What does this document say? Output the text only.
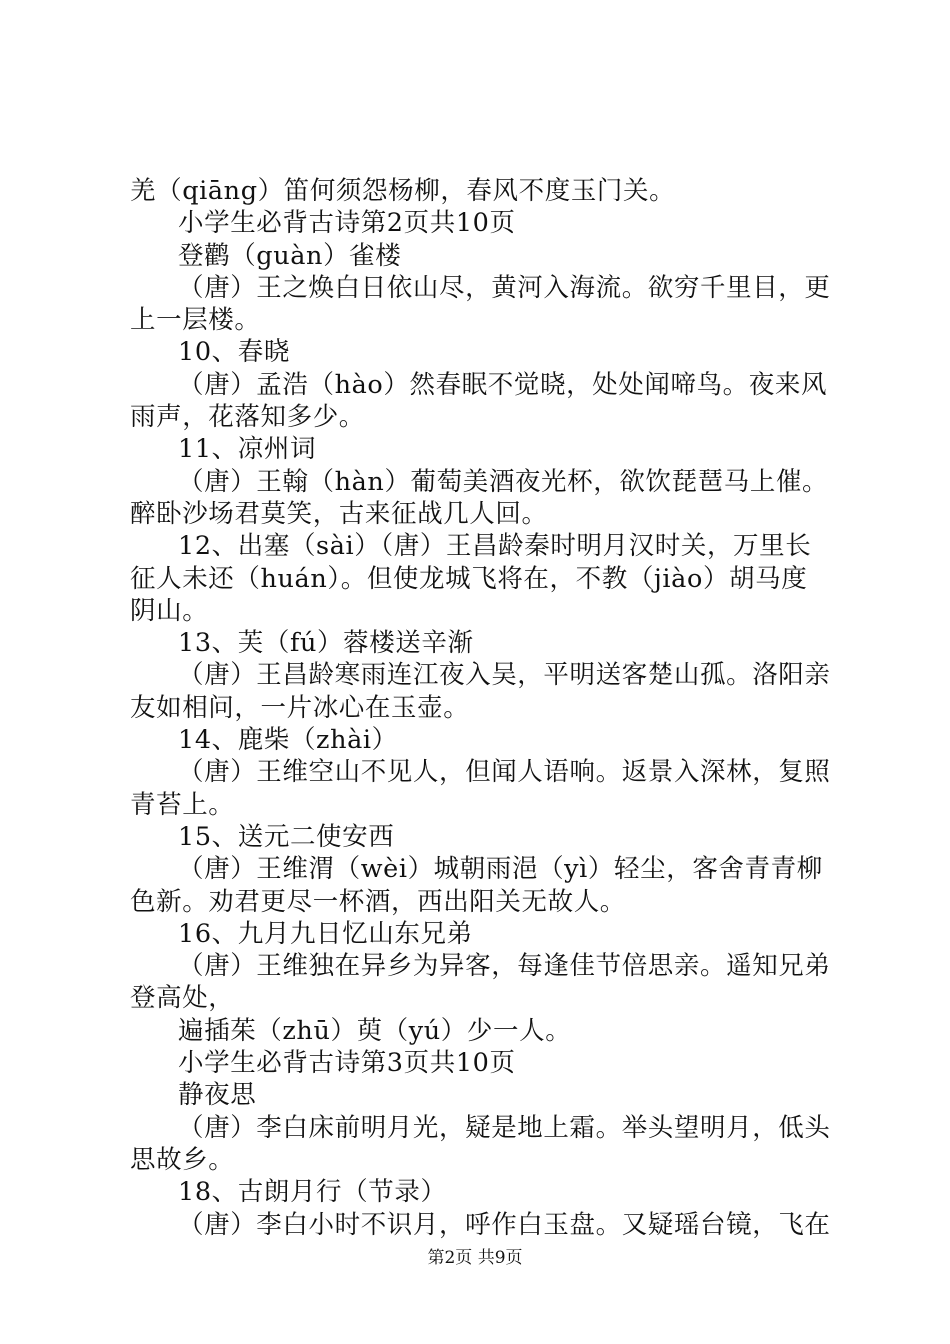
羌（qiāng）笛何须怨杨柳，春风不度玉门关。
小学生必背古诗第2页共10页
登鹳（guàn）雀楼
（唐）王之焕白日依山尽，黄河入海流。欲穷千里目，更
上一层楼。
10、春晓
（唐）孟浩（hào）然春眠不觉晓，处处闻啼鸟。夜来风
雨声，花落知多少。
11、凉州词
（唐）王翰（hàn）葡萄美酒夜光杯，欲饮琵琶马上催。
醉卧沙场君莫笑，古来征战几人回。
12、出塞（sài）（唐）王昌龄秦时明月汉时关，万里长
征人未还（huán）。但使龙城飞将在，不教（jiào）胡马度
阴山。
13、芙（fú）蓉楼送辛渐
（唐）王昌龄寒雨连江夜入吴，平明送客楚山孤。洛阳亲
友如相问，一片冰心在玉壶。
14、鹿柴（zhài）
（唐）王维空山不见人，但闻人语响。返景入深林，复照
青苔上。
15、送元二使安西
（唐）王维渭（wèi）城朝雨浥（yì）轻尘，客舍青青柳
色新。劝君更尽一杯酒，西出阳关无故人。
16、九月九日忆山东兄弟
（唐）王维独在异乡为异客，每逢佳节倍思亲。遥知兄弟
登高处，
遍插茱（zhū）萸（yú）少一人。
小学生必背古诗第3页共10页
静夜思
（唐）李白床前明月光，疑是地上霜。举头望明月，低头
思故乡。
18、古朗月行（节录）
（唐）李白小时不识月，呼作白玉盘。又疑瑶台镜，飞在
第2页 共9页
